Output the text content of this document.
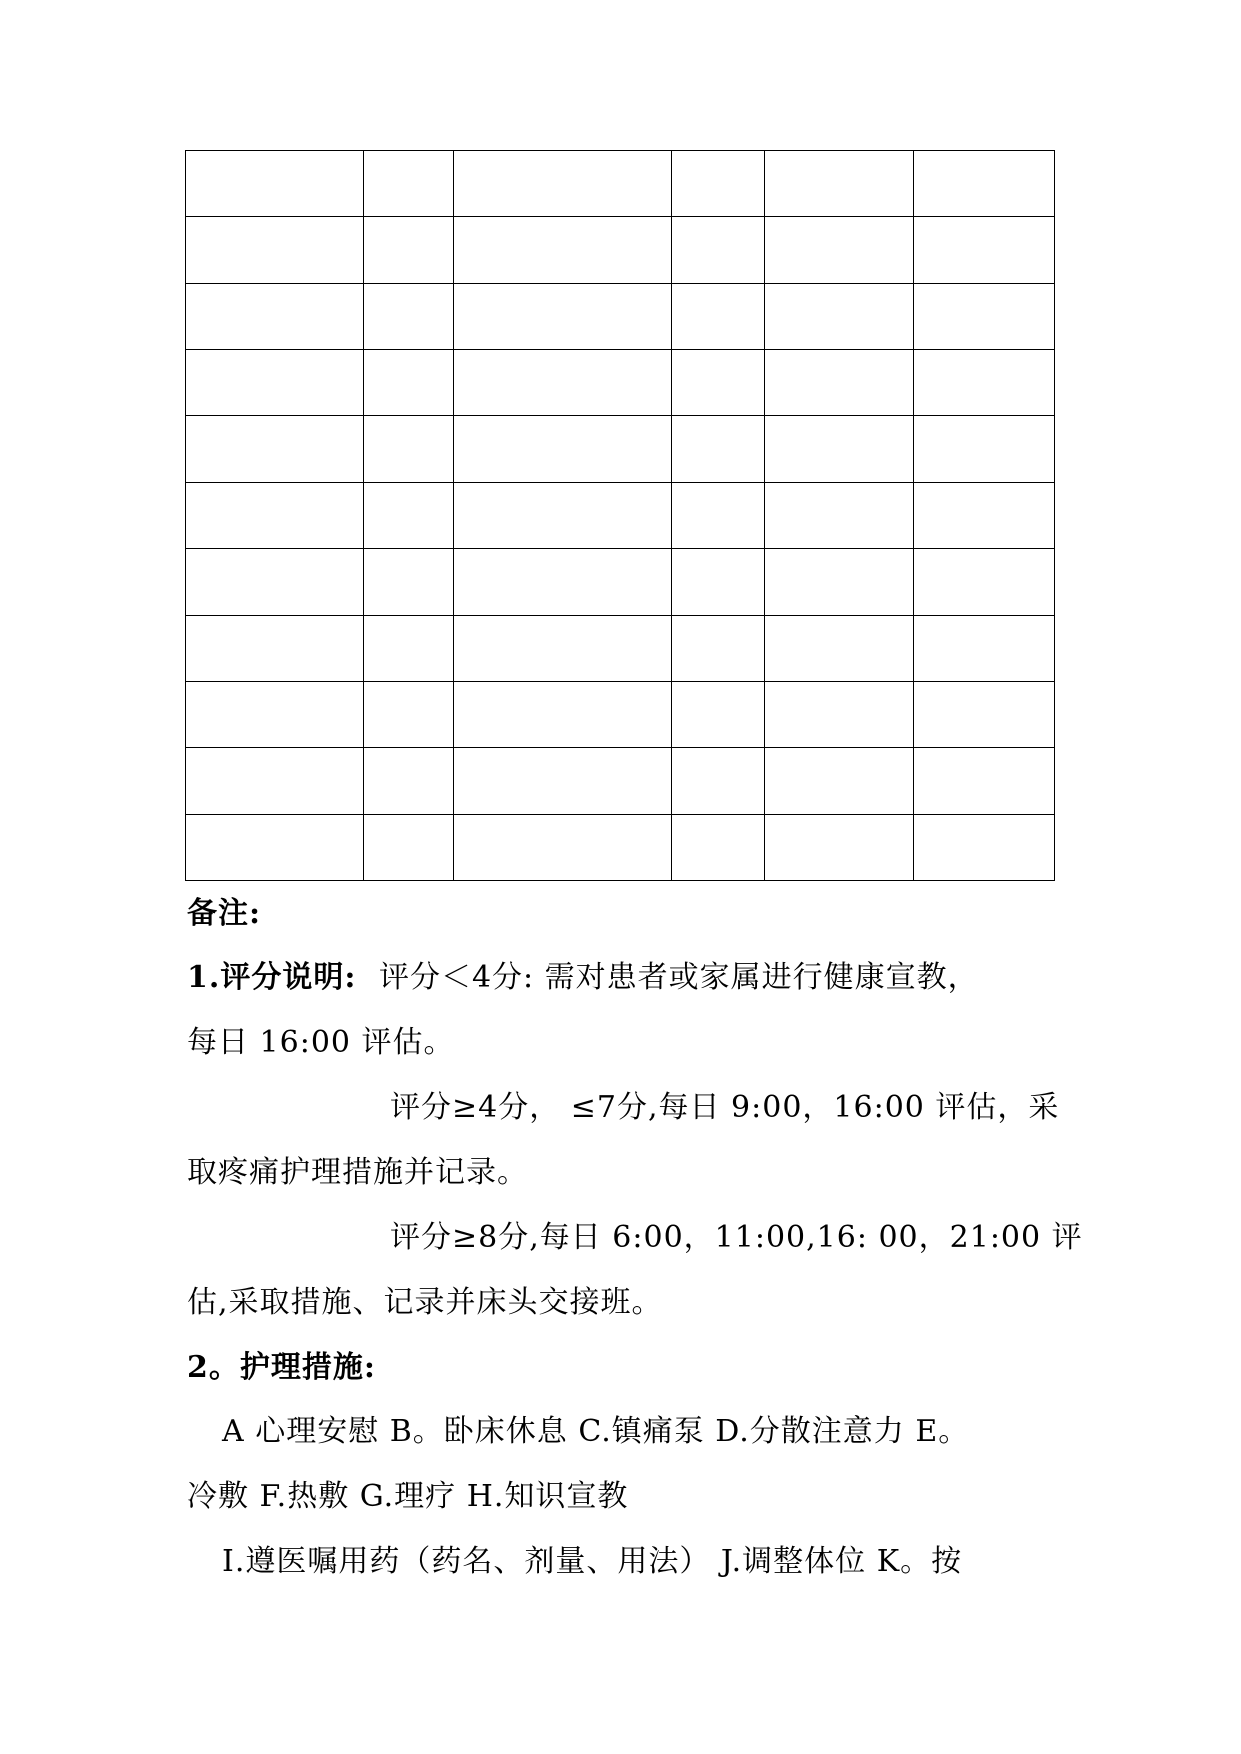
备注:
1.评分说明: 评分＜4分: 需对患者或家属进行健康宣教，
每日 16:00 评估。
评分≥4分， ≤7分,每日 9:00，16:00 评估，采
取疼痛护理措施并记录。
评分≥8分,每日 6:00，11:00,16: 00，21:00 评
估,采取措施、记录并床头交接班。
2。护理措施:
A 心理安慰 B。卧床休息 C.镇痛泵 D.分散注意力 E。
冷敷 F.热敷 G.理疗 H.知识宣教
I.遵医嘱用药（药名、剂量、用法） J.调整体位 K。按
